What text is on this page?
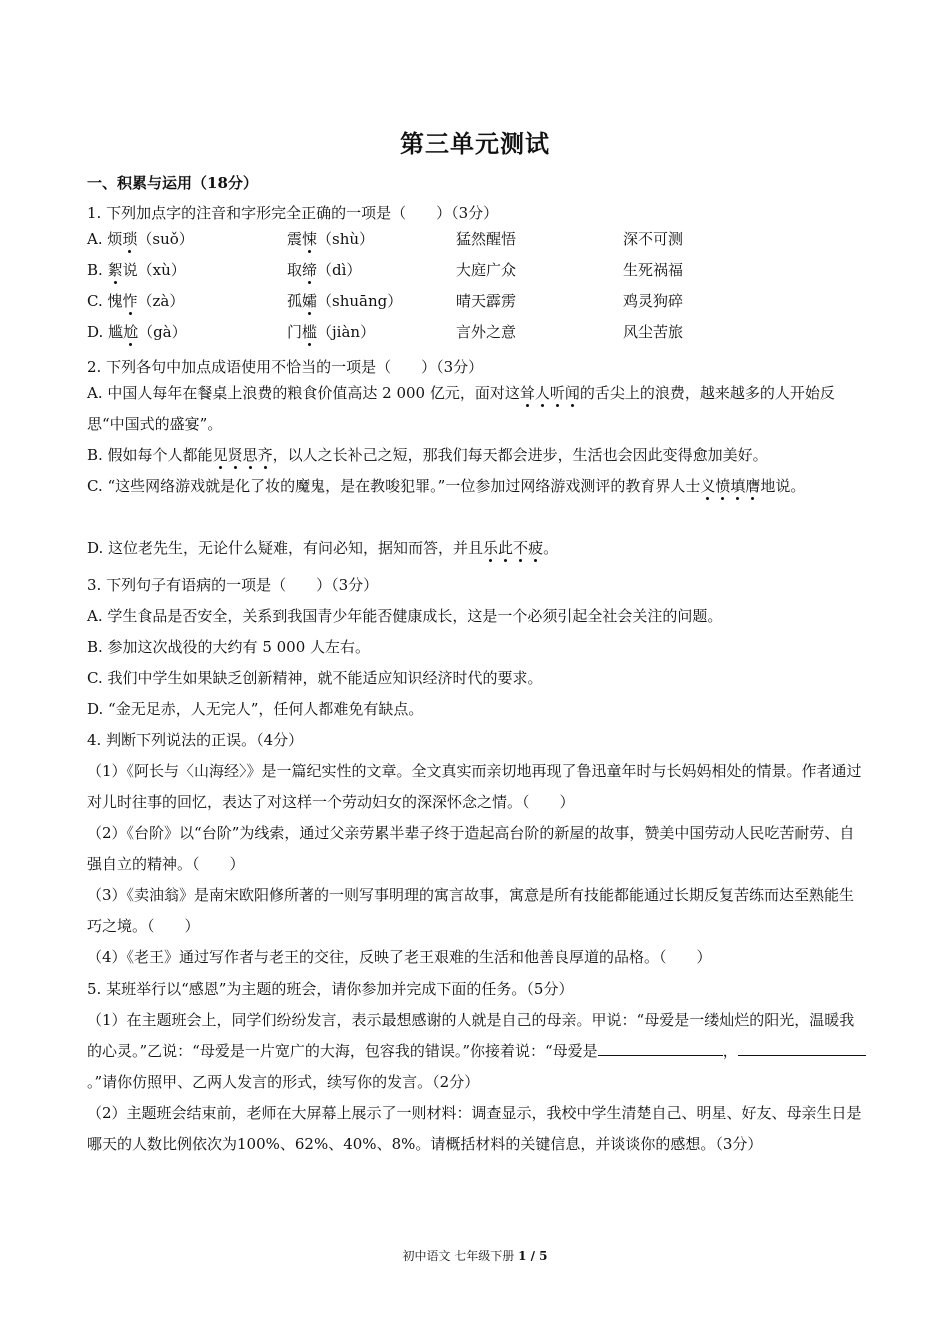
第三单元测试
一、积累与运用（18分）
1. 下列加点字的注音和字形完全正确的一项是（　　）（3分）
A. 烦琐（suǒ）	震悚（shù）	猛然醒悟	深不可测
B. 絮说（xù）	取缔（dì）	大庭广众	生死祸福
C. 愧怍（zà）	孤孀（shuāng）	晴天霹雳	鸡灵狗碎
D. 尴尬（gà）	门槛（jiàn）	言外之意	风尘苦旅
2. 下列各句中加点成语使用不恰当的一项是（　　）（3分）
A. 中国人每年在餐桌上浪费的粮食价值高达 2 000 亿元，面对这耸人听闻的舌尖上的浪费，越来越多的人开始反思“中国式的盛宴”。
B. 假如每个人都能见贤思齐，以人之长补己之短，那我们每天都会进步，生活也会因此变得愈加美好。
C. “这些网络游戏就是化了妆的魔鬼，是在教唆犯罪。”一位参加过网络游戏测评的教育界人士义愤填膺地说。
D. 这位老先生，无论什么疑难，有问必知，据知而答，并且乐此不疲。
3. 下列句子有语病的一项是（　　）（3分）
A. 学生食品是否安全，关系到我国青少年能否健康成长，这是一个必须引起全社会关注的问题。
B. 参加这次战役的大约有 5 000 人左右。
C. 我们中学生如果缺乏创新精神，就不能适应知识经济时代的要求。
D. “金无足赤，人无完人”，任何人都难免有缺点。
4. 判断下列说法的正误。（4分）
（1）《阿长与〈山海经〉》是一篇纪实性的文章。全文真实而亲切地再现了鲁迅童年时与长妈妈相处的情景。作者通过对儿时往事的回忆，表达了对这样一个劳动妇女的深深怀念之情。（　　）
（2）《台阶》以“台阶”为线索，通过父亲劳累半辈子终于造起高台阶的新屋的故事，赞美中国劳动人民吃苦耐劳、自强自立的精神。（　　）
（3）《卖油翁》是南宋欧阳修所著的一则写事明理的寓言故事，寓意是所有技能都能通过长期反复苦练而达至熟能生巧之境。（　　）
（4）《老王》通过写作者与老王的交往，反映了老王艰难的生活和他善良厚道的品格。（　　）
5. 某班举行以“感恩”为主题的班会，请你参加并完成下面的任务。（5分）
（1）在主题班会上，同学们纷纷发言，表示最想感谢的人就是自己的母亲。甲说：“母爱是一缕灿烂的阳光，温暖我的心灵。”乙说：“母爱是一片宽广的大海，包容我的错误。”你接着说：“母爱是	，。”请你仿照甲、乙两人发言的形式，续写你的发言。（2分）
（2）主题班会结束前，老师在大屏幕上展示了一则材料：调查显示，我校中学生清楚自己、明星、好友、母亲生日是哪天的人数比例依次为100%、62%、40%、8%。请概括材料的关键信息，并谈谈你的感想。（3分）
初中语文 七年级下册 1 / 5
